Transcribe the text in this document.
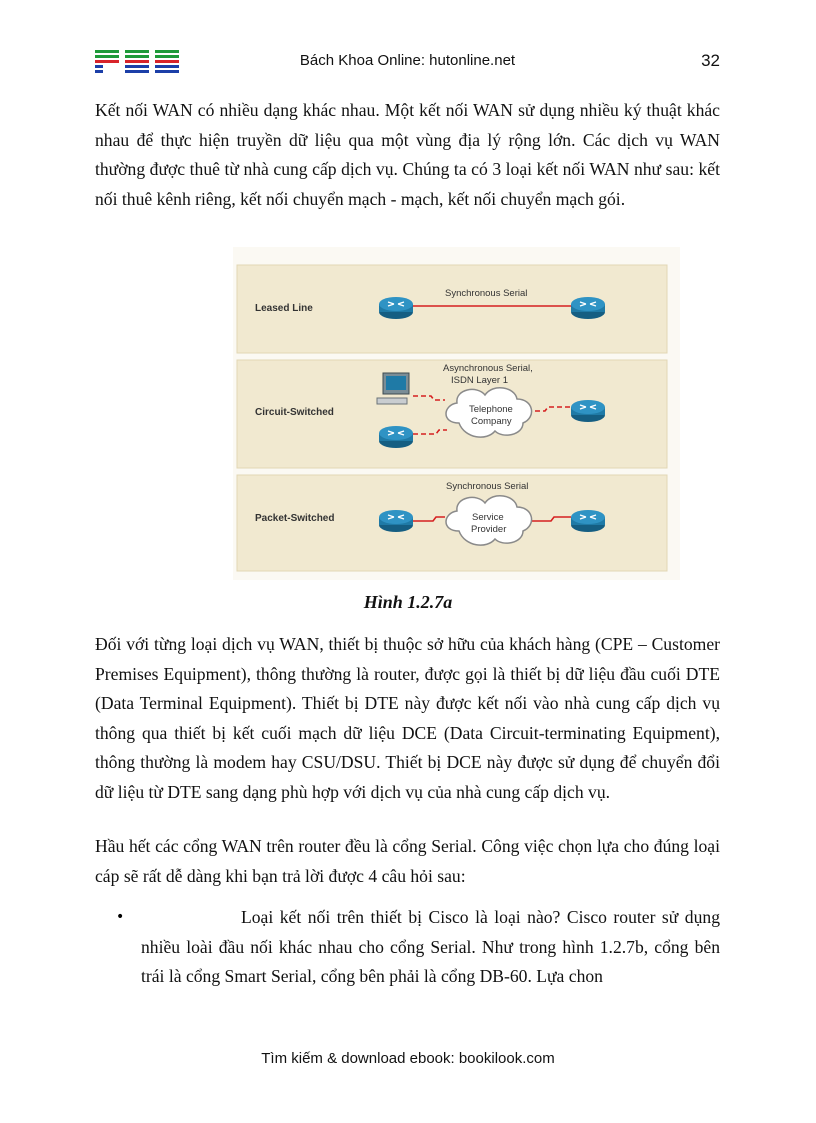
Bách Khoa Online: hutonline.net	32

Kết nối WAN có nhiều dạng khác nhau. Một kết nối WAN sử dụng nhiều ký thuật khác nhau để thực hiện truyền dữ liệu qua một vùng địa lý rộng lớn. Các dịch vụ WAN thường được thuê từ nhà cung cấp dịch vụ. Chúng ta có 3 loại kết nối WAN như sau: kết nối thuê kênh riêng, kết nối chuyển mạch - mạch, kết nối chuyển mạch gói.

Leased Line
Synchronous Serial
Circuit-Switched
Asynchronous Serial,
ISDN Layer 1
Telephone
Company
Packet-Switched
Synchronous Serial
Service
Provider
Hình 1.2.7a

Đối với từng loại dịch vụ WAN, thiết bị thuộc sở hữu của khách hàng (CPE – Customer Premises Equipment), thông thường là router, được gọi là thiết bị dữ liệu đầu cuối DTE (Data Terminal Equipment). Thiết bị DTE này được kết nối vào nhà cung cấp dịch vụ thông qua thiết bị kết cuối mạch dữ liệu DCE (Data Circuit-terminating Equipment), thông thường là modem hay CSU/DSU. Thiết bị DCE này được sử dụng để chuyển đổi dữ liệu từ DTE sang dạng phù hợp với dịch vụ của nhà cung cấp dịch vụ.

Hầu hết các cổng WAN trên router đều là cổng Serial. Công việc chọn lựa cho đúng loại cáp sẽ rất dễ dàng khi bạn trả lời được 4 câu hỏi sau:

•	Loại kết nối trên thiết bị Cisco là loại nào? Cisco router sử dụng nhiều loài đầu nối khác nhau cho cổng Serial. Như trong hình 1.2.7b, cổng bên trái là cổng Smart Serial, cổng bên phải là cổng DB-60. Lựa chon

Tìm kiếm & download ebook: bookilook.com
